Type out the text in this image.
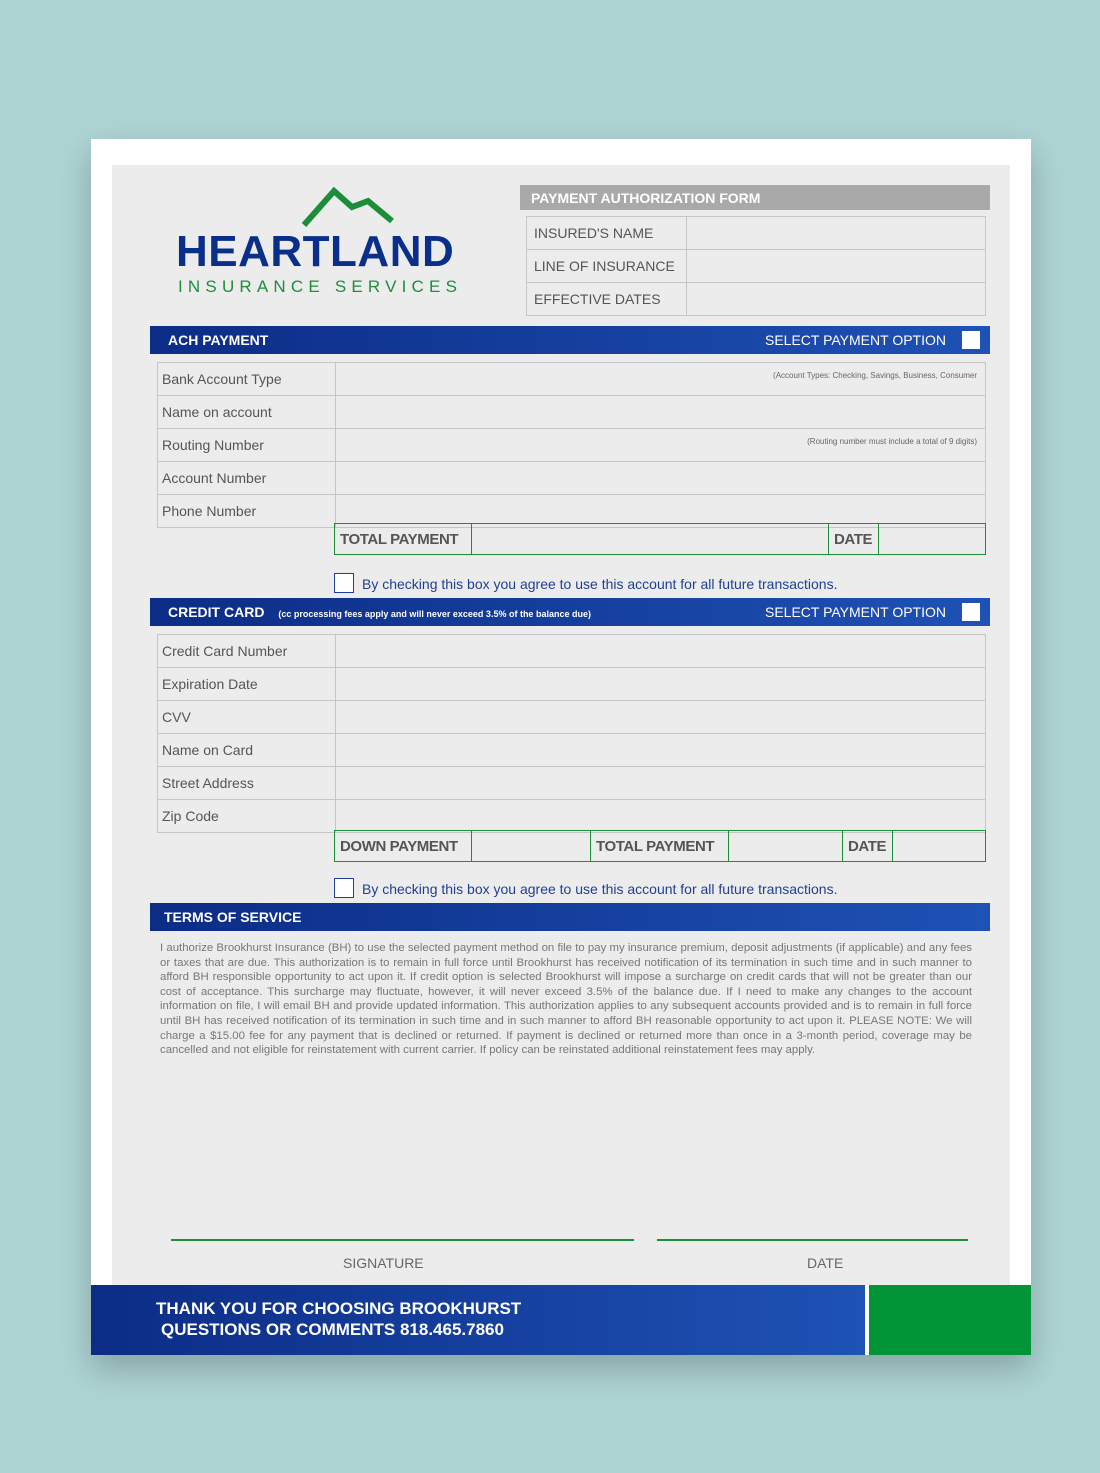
HEARTLAND
INSURANCE SERVICES
PAYMENT AUTHORIZATION FORM
INSURED'S NAME	
LINE OF INSURANCE	
EFFECTIVE DATES	
ACH PAYMENT	SELECT PAYMENT OPTION
Bank Account Type	(Account Types: Checking, Savings, Business, Consumer

Name on account	
Routing Number	(Routing number must include a total of 9 digits)

Account Number	
Phone Number	
TOTAL PAYMENT		DATE	
By checking this box you agree to use this account for all future transactions.
CREDIT CARD (cc processing fees apply and will never exceed 3.5% of the balance due)	SELECT PAYMENT OPTION
Credit Card Number	
Expiration Date	
CVV	
Name on Card	
Street Address	
Zip Code	
DOWN PAYMENT		TOTAL PAYMENT		DATE	
By checking this box you agree to use this account for all future transactions.
TERMS OF SERVICE
I authorize Brookhurst Insurance (BH) to use the selected payment method on file to pay my insurance premium, deposit adjustments (if applicable) and any fees or taxes that are due. This authorization is to remain in full force until Brookhurst has received notification of its termination in such time and in such manner to afford BH responsible opportunity to act upon it. If credit option is selected Brookhurst will impose a surcharge on credit cards that will not be greater than our cost of acceptance. This surcharge may fluctuate, however, it will never exceed 3.5% of the balance due. If I need to make any changes to the account information on file, I will email BH and provide updated information. This authorization applies to any subsequent accounts provided and is to remain in full force until BH has received notification of its termination in such time and in such manner to afford BH reasonable opportunity to act upon it. PLEASE NOTE: We will charge a $15.00 fee for any payment that is declined or returned. If payment is declined or returned more than once in a 3-month period, coverage may be cancelled and not eligible for reinstatement with current carrier. If policy can be reinstated additional reinstatement fees may apply.
SIGNATURE	DATE
THANK YOU FOR CHOOSING BROOKHURST
QUESTIONS OR COMMENTS 818.465.7860
